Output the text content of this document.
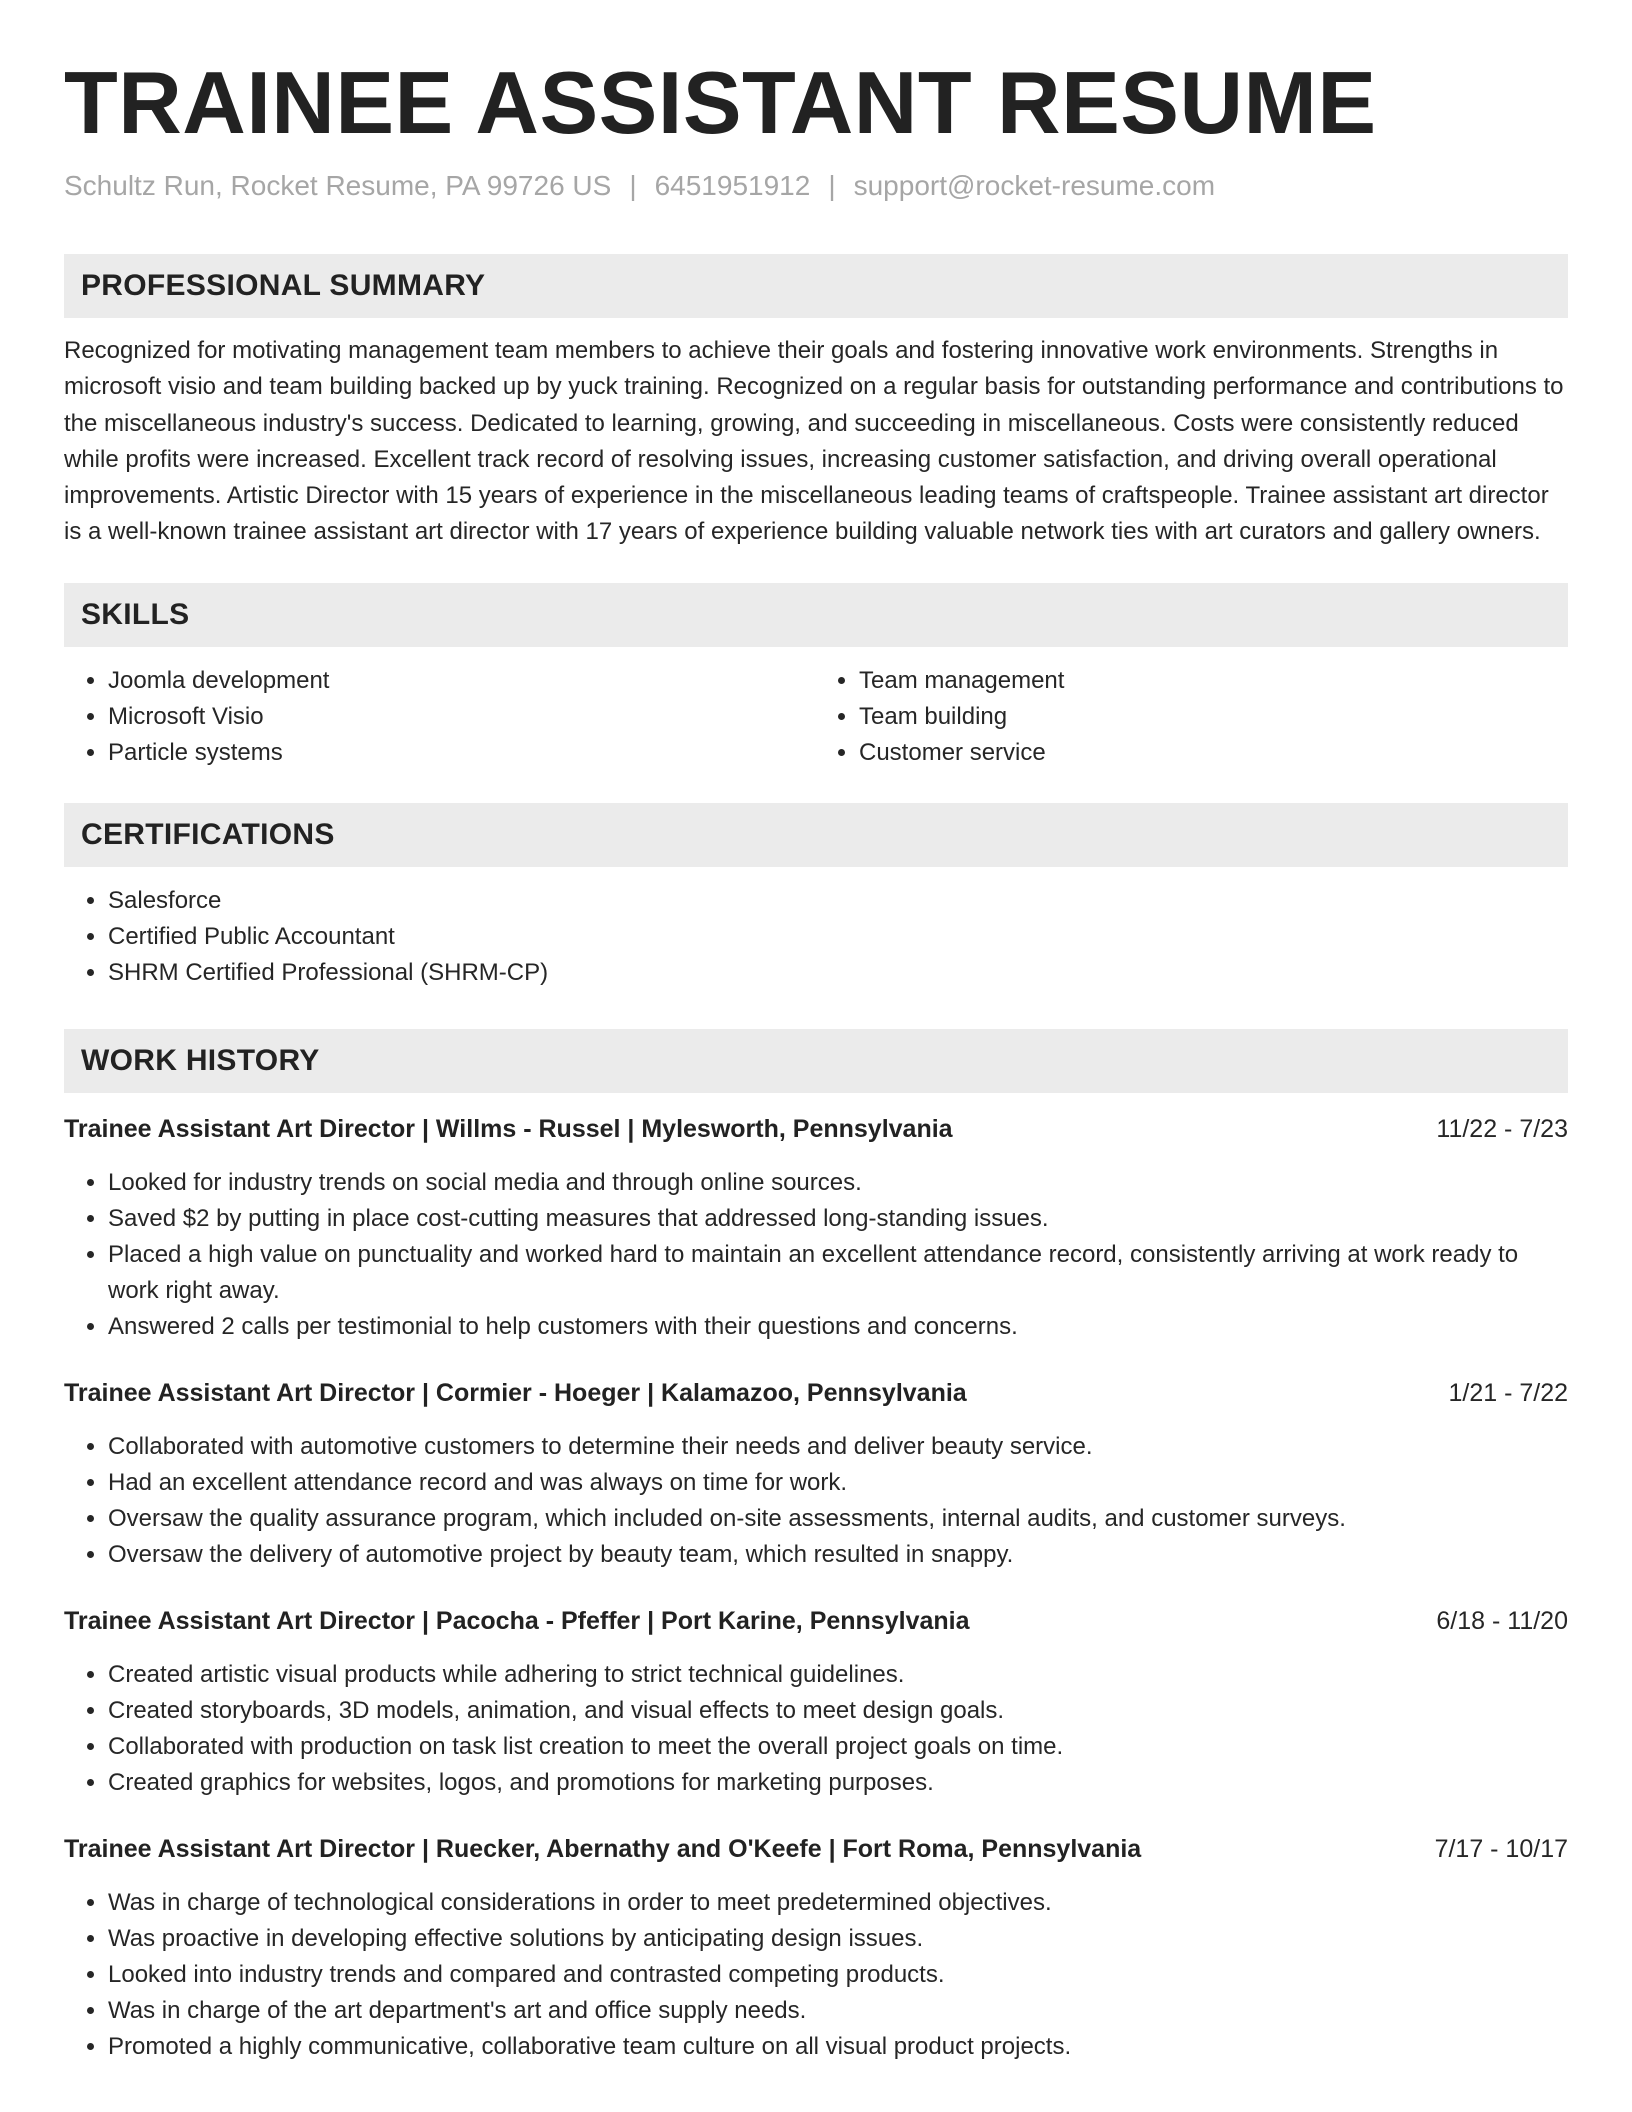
TRAINEE ASSISTANT RESUME
Schultz Run, Rocket Resume, PA 99726 US | 6451951912 | support@rocket-resume.com
PROFESSIONAL SUMMARY

Recognized for motivating management team members to achieve their goals and fostering innovative work environments. Strengths in microsoft visio and team building backed up by yuck training. Recognized on a regular basis for outstanding performance and contributions to the miscellaneous industry's success. Dedicated to learning, growing, and succeeding in miscellaneous. Costs were consistently reduced while profits were increased. Excellent track record of resolving issues, increasing customer satisfaction, and driving overall operational improvements. Artistic Director with 15 years of experience in the miscellaneous leading teams of craftspeople. Trainee assistant art director is a well-known trainee assistant art director with 17 years of experience building valuable network ties with art curators and gallery owners.

SKILLS
• Joomla development
• Microsoft Visio
• Particle systems
• Team management
• Team building
• Customer service
CERTIFICATIONS
• Salesforce
• Certified Public Accountant
• SHRM Certified Professional (SHRM-CP)
WORK HISTORY
Trainee Assistant Art Director | Willms - Russel | Mylesworth, Pennsylvania	11/22 - 7/23
• Looked for industry trends on social media and through online sources.
• Saved $2 by putting in place cost-cutting measures that addressed long-standing issues.
• Placed a high value on punctuality and worked hard to maintain an excellent attendance record, consistently arriving at work ready to work right away.
• Answered 2 calls per testimonial to help customers with their questions and concerns.
Trainee Assistant Art Director | Cormier - Hoeger | Kalamazoo, Pennsylvania	1/21 - 7/22
• Collaborated with automotive customers to determine their needs and deliver beauty service.
• Had an excellent attendance record and was always on time for work.
• Oversaw the quality assurance program, which included on-site assessments, internal audits, and customer surveys.
• Oversaw the delivery of automotive project by beauty team, which resulted in snappy.
Trainee Assistant Art Director | Pacocha - Pfeffer | Port Karine, Pennsylvania	6/18 - 11/20
• Created artistic visual products while adhering to strict technical guidelines.
• Created storyboards, 3D models, animation, and visual effects to meet design goals.
• Collaborated with production on task list creation to meet the overall project goals on time.
• Created graphics for websites, logos, and promotions for marketing purposes.
Trainee Assistant Art Director | Ruecker, Abernathy and O'Keefe | Fort Roma, Pennsylvania	7/17 - 10/17
• Was in charge of technological considerations in order to meet predetermined objectives.
• Was proactive in developing effective solutions by anticipating design issues.
• Looked into industry trends and compared and contrasted competing products.
• Was in charge of the art department's art and office supply needs.
• Promoted a highly communicative, collaborative team culture on all visual product projects.
